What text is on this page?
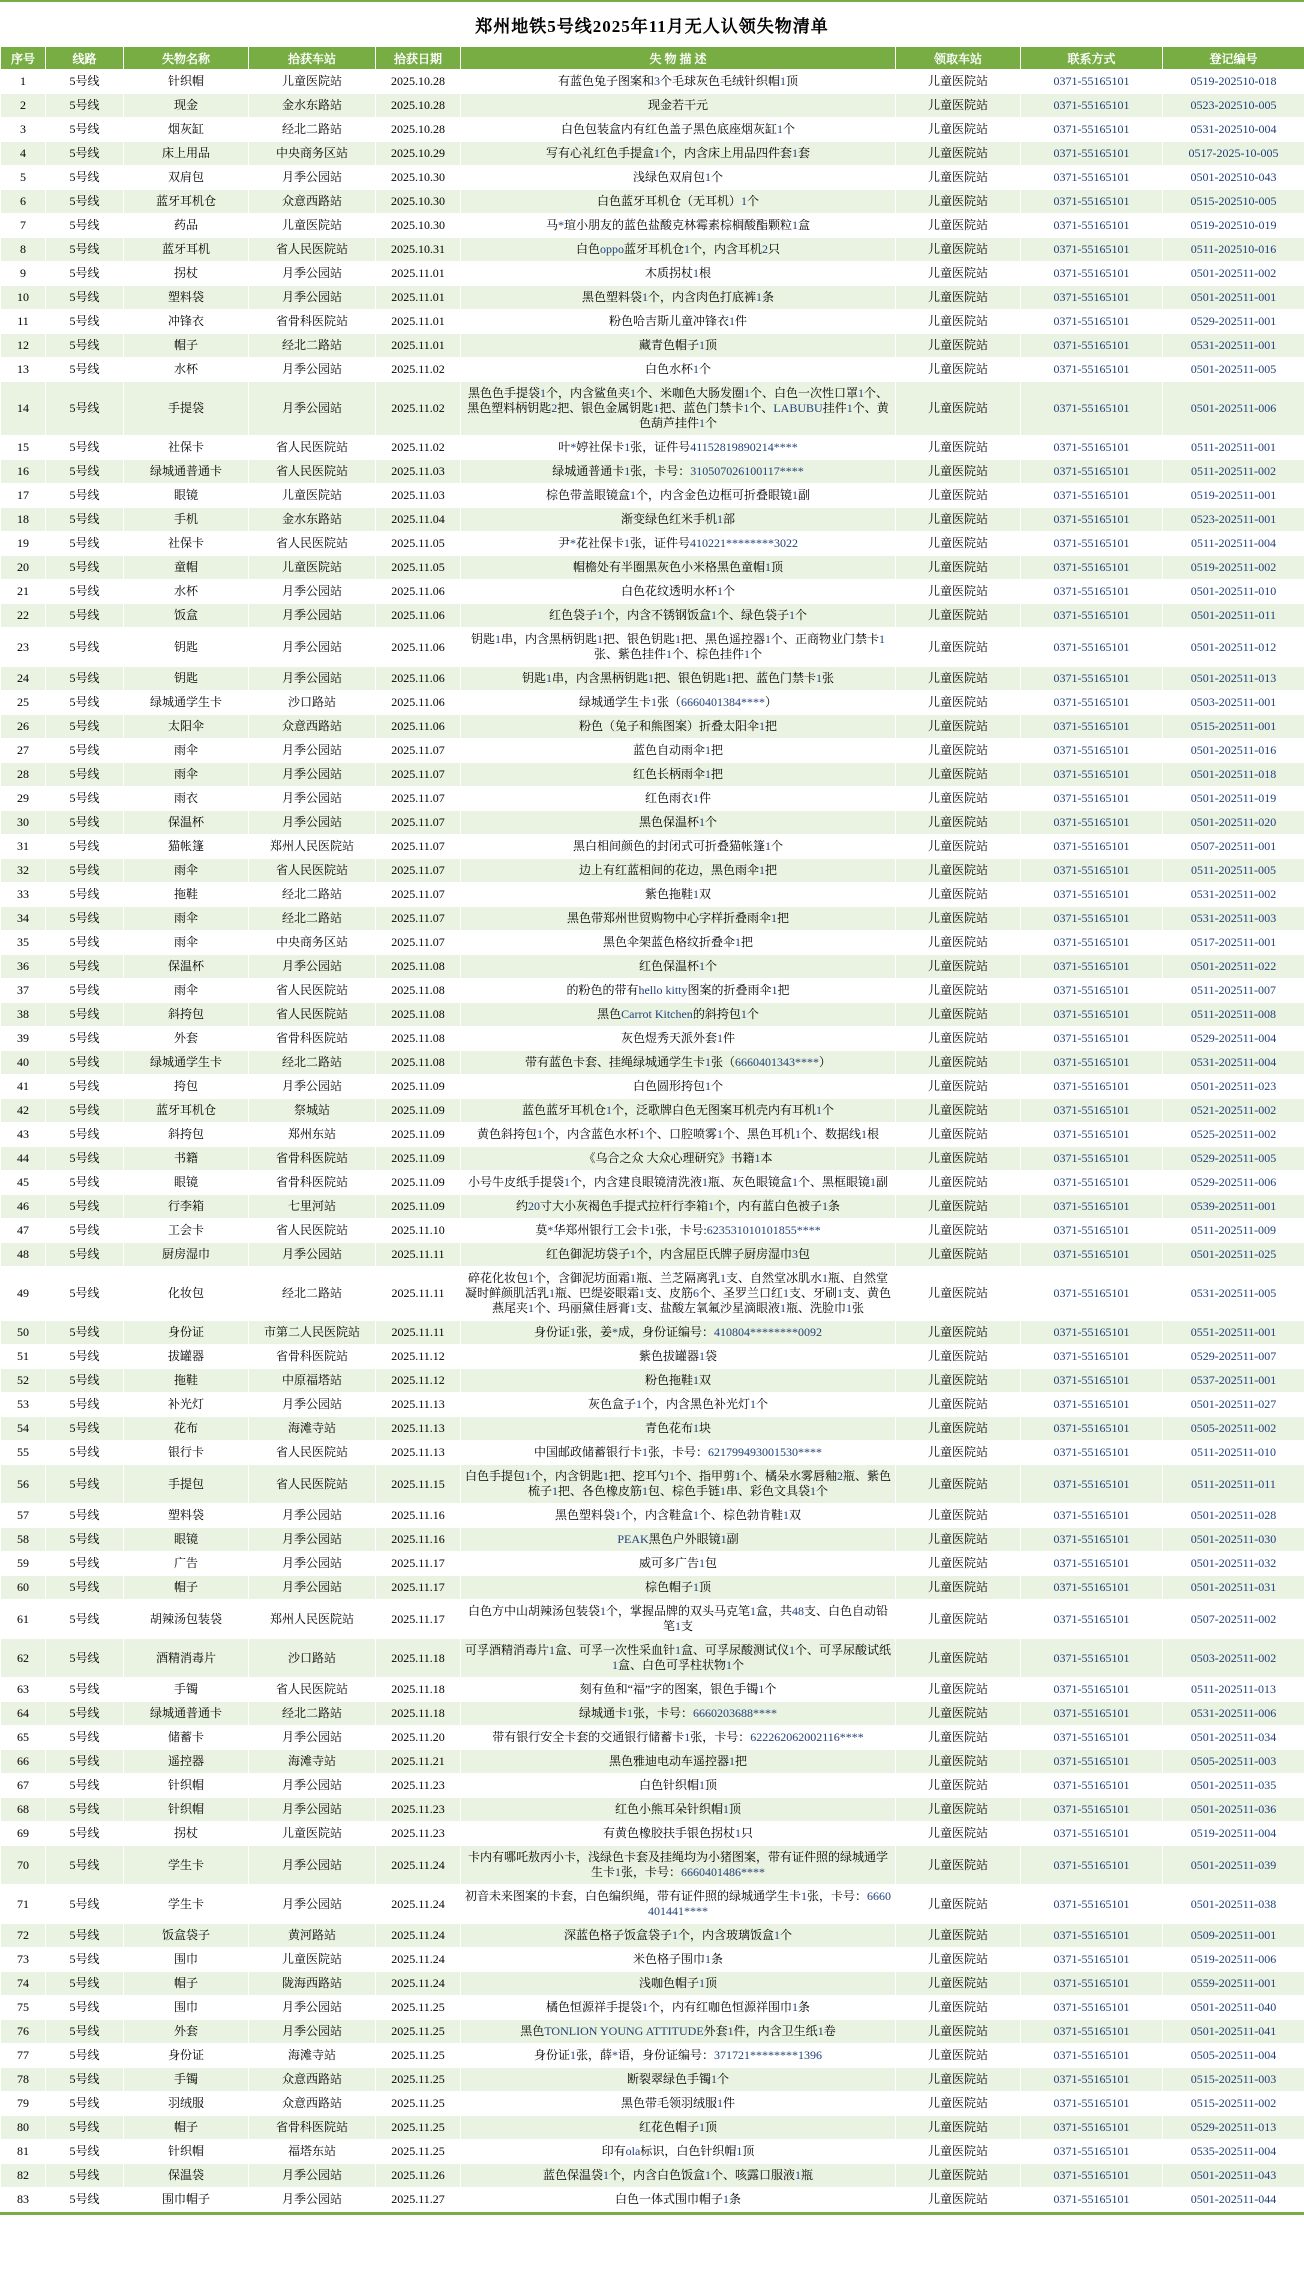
郑州地铁5号线2025年11月无人认领失物清单
序号	线路	失物名称	拾获车站	拾获日期	失 物 描 述	领取车站	联系方式	登记编号
1	5号线	针织帽	儿童医院站	2025.10.28	有蓝色兔子图案和3个毛球灰色毛绒针织帽1顶	儿童医院站	0371-55165101	0519-202510-018
2	5号线	现金	金水东路站	2025.10.28	现金若干元	儿童医院站	0371-55165101	0523-202510-005
3	5号线	烟灰缸	经北二路站	2025.10.28	白色包装盒内有红色盖子黑色底座烟灰缸1个	儿童医院站	0371-55165101	0531-202510-004
4	5号线	床上用品	中央商务区站	2025.10.29	写有心礼红色手提盒1个，内含床上用品四件套1套	儿童医院站	0371-55165101	0517-2025-10-005
5	5号线	双肩包	月季公园站	2025.10.30	浅绿色双肩包1个	儿童医院站	0371-55165101	0501-202510-043
6	5号线	蓝牙耳机仓	众意西路站	2025.10.30	白色蓝牙耳机仓（无耳机）1个	儿童医院站	0371-55165101	0515-202510-005
7	5号线	药品	儿童医院站	2025.10.30	马*瑄小朋友的蓝色盐酸克林霉素棕榈酸酯颗粒1盒	儿童医院站	0371-55165101	0519-202510-019
8	5号线	蓝牙耳机	省人民医院站	2025.10.31	白色oppo蓝牙耳机仓1个，内含耳机2只	儿童医院站	0371-55165101	0511-202510-016
9	5号线	拐杖	月季公园站	2025.11.01	木质拐杖1根	儿童医院站	0371-55165101	0501-202511-002
10	5号线	塑料袋	月季公园站	2025.11.01	黑色塑料袋1个，内含肉色打底裤1条	儿童医院站	0371-55165101	0501-202511-001
11	5号线	冲锋衣	省骨科医院站	2025.11.01	粉色哈吉斯儿童冲锋衣1件	儿童医院站	0371-55165101	0529-202511-001
12	5号线	帽子	经北二路站	2025.11.01	藏青色帽子1顶	儿童医院站	0371-55165101	0531-202511-001
13	5号线	水杯	月季公园站	2025.11.02	白色水杯1个	儿童医院站	0371-55165101	0501-202511-005
14	5号线	手提袋	月季公园站	2025.11.02	黑色色手提袋1个，内含鲨鱼夹1个、米咖色大肠发圈1个、白色一次性口罩1个、黑色塑料柄钥匙2把、银色金属钥匙1把、蓝色门禁卡1个、LABUBU挂件1个、黄色葫芦挂件1个	儿童医院站	0371-55165101	0501-202511-006
15	5号线	社保卡	省人民医院站	2025.11.02	叶*婷社保卡1张，证件号41152819890214****	儿童医院站	0371-55165101	0511-202511-001
16	5号线	绿城通普通卡	省人民医院站	2025.11.03	绿城通普通卡1张，卡号：310507026100117****	儿童医院站	0371-55165101	0511-202511-002
17	5号线	眼镜	儿童医院站	2025.11.03	棕色带盖眼镜盒1个，内含金色边框可折叠眼镜1副	儿童医院站	0371-55165101	0519-202511-001
18	5号线	手机	金水东路站	2025.11.04	渐变绿色红米手机1部	儿童医院站	0371-55165101	0523-202511-001
19	5号线	社保卡	省人民医院站	2025.11.05	尹*花社保卡1张，证件号410221********3022	儿童医院站	0371-55165101	0511-202511-004
20	5号线	童帽	儿童医院站	2025.11.05	帽檐处有半圈黑灰色小米格黑色童帽1顶	儿童医院站	0371-55165101	0519-202511-002
21	5号线	水杯	月季公园站	2025.11.06	白色花纹透明水杯1个	儿童医院站	0371-55165101	0501-202511-010
22	5号线	饭盒	月季公园站	2025.11.06	红色袋子1个，内含不锈钢饭盒1个、绿色袋子1个	儿童医院站	0371-55165101	0501-202511-011
23	5号线	钥匙	月季公园站	2025.11.06	钥匙1串，内含黑柄钥匙1把、银色钥匙1把、黑色遥控器1个、正商物业门禁卡1张、紫色挂件1个、棕色挂件1个	儿童医院站	0371-55165101	0501-202511-012
24	5号线	钥匙	月季公园站	2025.11.06	钥匙1串，内含黑柄钥匙1把、银色钥匙1把、蓝色门禁卡1张	儿童医院站	0371-55165101	0501-202511-013
25	5号线	绿城通学生卡	沙口路站	2025.11.06	绿城通学生卡1张（6660401384****）	儿童医院站	0371-55165101	0503-202511-001
26	5号线	太阳伞	众意西路站	2025.11.06	粉色（兔子和熊图案）折叠太阳伞1把	儿童医院站	0371-55165101	0515-202511-001
27	5号线	雨伞	月季公园站	2025.11.07	蓝色自动雨伞1把	儿童医院站	0371-55165101	0501-202511-016
28	5号线	雨伞	月季公园站	2025.11.07	红色长柄雨伞1把	儿童医院站	0371-55165101	0501-202511-018
29	5号线	雨衣	月季公园站	2025.11.07	红色雨衣1件	儿童医院站	0371-55165101	0501-202511-019
30	5号线	保温杯	月季公园站	2025.11.07	黑色保温杯1个	儿童医院站	0371-55165101	0501-202511-020
31	5号线	猫帐篷	郑州人民医院站	2025.11.07	黑白相间颜色的封闭式可折叠猫帐篷1个	儿童医院站	0371-55165101	0507-202511-001
32	5号线	雨伞	省人民医院站	2025.11.07	边上有红蓝相间的花边，黑色雨伞1把	儿童医院站	0371-55165101	0511-202511-005
33	5号线	拖鞋	经北二路站	2025.11.07	紫色拖鞋1双	儿童医院站	0371-55165101	0531-202511-002
34	5号线	雨伞	经北二路站	2025.11.07	黑色带郑州世贸购物中心字样折叠雨伞1把	儿童医院站	0371-55165101	0531-202511-003
35	5号线	雨伞	中央商务区站	2025.11.07	黑色伞架蓝色格纹折叠伞1把	儿童医院站	0371-55165101	0517-202511-001
36	5号线	保温杯	月季公园站	2025.11.08	红色保温杯1个	儿童医院站	0371-55165101	0501-202511-022
37	5号线	雨伞	省人民医院站	2025.11.08	的粉色的带有hello kitty图案的折叠雨伞1把	儿童医院站	0371-55165101	0511-202511-007
38	5号线	斜挎包	省人民医院站	2025.11.08	黑色Carrot Kitchen的斜挎包1个	儿童医院站	0371-55165101	0511-202511-008
39	5号线	外套	省骨科医院站	2025.11.08	灰色煜秀天派外套1件	儿童医院站	0371-55165101	0529-202511-004
40	5号线	绿城通学生卡	经北二路站	2025.11.08	带有蓝色卡套、挂绳绿城通学生卡1张（6660401343****）	儿童医院站	0371-55165101	0531-202511-004
41	5号线	挎包	月季公园站	2025.11.09	白色圆形挎包1个	儿童医院站	0371-55165101	0501-202511-023
42	5号线	蓝牙耳机仓	祭城站	2025.11.09	蓝色蓝牙耳机仓1个，泛歌牌白色无图案耳机壳内有耳机1个	儿童医院站	0371-55165101	0521-202511-002
43	5号线	斜挎包	郑州东站	2025.11.09	黄色斜挎包1个，内含蓝色水杯1个、口腔喷雾1个、黑色耳机1个、数据线1根	儿童医院站	0371-55165101	0525-202511-002
44	5号线	书籍	省骨科医院站	2025.11.09	《乌合之众 大众心理研究》书籍1本	儿童医院站	0371-55165101	0529-202511-005
45	5号线	眼镜	省骨科医院站	2025.11.09	小号牛皮纸手提袋1个，内含建良眼镜清洗液1瓶、灰色眼镜盒1个、黑框眼镜1副	儿童医院站	0371-55165101	0529-202511-006
46	5号线	行李箱	七里河站	2025.11.09	约20寸大小灰褐色手提式拉杆行李箱1个，内有蓝白色被子1条	儿童医院站	0371-55165101	0539-202511-001
47	5号线	工会卡	省人民医院站	2025.11.10	莫*华郑州银行工会卡1张，卡号:623531010101855****	儿童医院站	0371-55165101	0511-202511-009
48	5号线	厨房湿巾	月季公园站	2025.11.11	红色御泥坊袋子1个，内含屈臣氏牌子厨房湿巾3包	儿童医院站	0371-55165101	0501-202511-025
49	5号线	化妆包	经北二路站	2025.11.11	碎花化妆包1个，含御泥坊面霜1瓶、兰芝隔离乳1支、自然堂冰肌水1瓶、自然堂凝时鲜颜肌活乳1瓶、巴缇姿眼霜1支、皮筋6个、圣罗兰口红1支、牙刷1支、黄色燕尾夹1个、玛丽黛佳唇膏1支、盐酸左氧氟沙星滴眼液1瓶、洗脸巾1张	儿童医院站	0371-55165101	0531-202511-005
50	5号线	身份证	市第二人民医院站	2025.11.11	身份证1张，姜*成，身份证编号：410804********0092	儿童医院站	0371-55165101	0551-202511-001
51	5号线	拔罐器	省骨科医院站	2025.11.12	紫色拔罐器1袋	儿童医院站	0371-55165101	0529-202511-007
52	5号线	拖鞋	中原福塔站	2025.11.12	粉色拖鞋1双	儿童医院站	0371-55165101	0537-202511-001
53	5号线	补光灯	月季公园站	2025.11.13	灰色盒子1个，内含黑色补光灯1个	儿童医院站	0371-55165101	0501-202511-027
54	5号线	花布	海滩寺站	2025.11.13	青色花布1块	儿童医院站	0371-55165101	0505-202511-002
55	5号线	银行卡	省人民医院站	2025.11.13	中国邮政储蓄银行卡1张，卡号：621799493001530****	儿童医院站	0371-55165101	0511-202511-010
56	5号线	手提包	省人民医院站	2025.11.15	白色手提包1个，内含钥匙1把、挖耳勺1个、指甲剪1个、橘朵水雾唇釉2瓶、紫色梳子1把、各色橡皮筋1包、棕色手链1串、彩色文具袋1个	儿童医院站	0371-55165101	0511-202511-011
57	5号线	塑料袋	月季公园站	2025.11.16	黑色塑料袋1个，内含鞋盒1个、棕色勃肯鞋1双	儿童医院站	0371-55165101	0501-202511-028
58	5号线	眼镜	月季公园站	2025.11.16	PEAK黑色户外眼镜1副	儿童医院站	0371-55165101	0501-202511-030
59	5号线	广告	月季公园站	2025.11.17	威可多广告1包	儿童医院站	0371-55165101	0501-202511-032
60	5号线	帽子	月季公园站	2025.11.17	棕色帽子1顶	儿童医院站	0371-55165101	0501-202511-031
61	5号线	胡辣汤包装袋	郑州人民医院站	2025.11.17	白色方中山胡辣汤包装袋1个，掌握品牌的双头马克笔1盒，共48支、白色自动铅笔1支	儿童医院站	0371-55165101	0507-202511-002
62	5号线	酒精消毒片	沙口路站	2025.11.18	可孚酒精消毒片1盒、可孚一次性采血针1盒、可孚尿酸测试仪1个、可孚尿酸试纸1盒、白色可孚柱状物1个	儿童医院站	0371-55165101	0503-202511-002
63	5号线	手镯	省人民医院站	2025.11.18	刻有鱼和“福”字的图案，银色手镯1个	儿童医院站	0371-55165101	0511-202511-013
64	5号线	绿城通普通卡	经北二路站	2025.11.18	绿城通卡1张，卡号：6660203688****	儿童医院站	0371-55165101	0531-202511-006
65	5号线	储蓄卡	月季公园站	2025.11.20	带有银行安全卡套的交通银行储蓄卡1张，卡号：622262062002116****	儿童医院站	0371-55165101	0501-202511-034
66	5号线	遥控器	海滩寺站	2025.11.21	黑色雅迪电动车遥控器1把	儿童医院站	0371-55165101	0505-202511-003
67	5号线	针织帽	月季公园站	2025.11.23	白色针织帽1顶	儿童医院站	0371-55165101	0501-202511-035
68	5号线	针织帽	月季公园站	2025.11.23	红色小熊耳朵针织帽1顶	儿童医院站	0371-55165101	0501-202511-036
69	5号线	拐杖	儿童医院站	2025.11.23	有黄色橡胶扶手银色拐杖1只	儿童医院站	0371-55165101	0519-202511-004
70	5号线	学生卡	月季公园站	2025.11.24	卡内有哪吒敖丙小卡，浅绿色卡套及挂绳均为小猪图案，带有证件照的绿城通学生卡1张，卡号：6660401486****	儿童医院站	0371-55165101	0501-202511-039
71	5号线	学生卡	月季公园站	2025.11.24	初音未来图案的卡套，白色编织绳，带有证件照的绿城通学生卡1张，卡号：6660401441****	儿童医院站	0371-55165101	0501-202511-038
72	5号线	饭盒袋子	黄河路站	2025.11.24	深蓝色格子饭盒袋子1个，内含玻璃饭盒1个	儿童医院站	0371-55165101	0509-202511-001
73	5号线	围巾	儿童医院站	2025.11.24	米色格子围巾1条	儿童医院站	0371-55165101	0519-202511-006
74	5号线	帽子	陇海西路站	2025.11.24	浅咖色帽子1顶	儿童医院站	0371-55165101	0559-202511-001
75	5号线	围巾	月季公园站	2025.11.25	橘色恒源祥手提袋1个，内有红咖色恒源祥围巾1条	儿童医院站	0371-55165101	0501-202511-040
76	5号线	外套	月季公园站	2025.11.25	黑色TONLION YOUNG ATTITUDE外套1件，内含卫生纸1卷	儿童医院站	0371-55165101	0501-202511-041
77	5号线	身份证	海滩寺站	2025.11.25	身份证1张，薛*语，身份证编号：371721********1396	儿童医院站	0371-55165101	0505-202511-004
78	5号线	手镯	众意西路站	2025.11.25	断裂翠绿色手镯1个	儿童医院站	0371-55165101	0515-202511-003
79	5号线	羽绒服	众意西路站	2025.11.25	黑色带毛领羽绒服1件	儿童医院站	0371-55165101	0515-202511-002
80	5号线	帽子	省骨科医院站	2025.11.25	红花色帽子1顶	儿童医院站	0371-55165101	0529-202511-013
81	5号线	针织帽	福塔东站	2025.11.25	印有ola标识，白色针织帽1顶	儿童医院站	0371-55165101	0535-202511-004
82	5号线	保温袋	月季公园站	2025.11.26	蓝色保温袋1个，内含白色饭盒1个、咳露口服液1瓶	儿童医院站	0371-55165101	0501-202511-043
83	5号线	围巾帽子	月季公园站	2025.11.27	白色一体式围巾帽子1条	儿童医院站	0371-55165101	0501-202511-044
